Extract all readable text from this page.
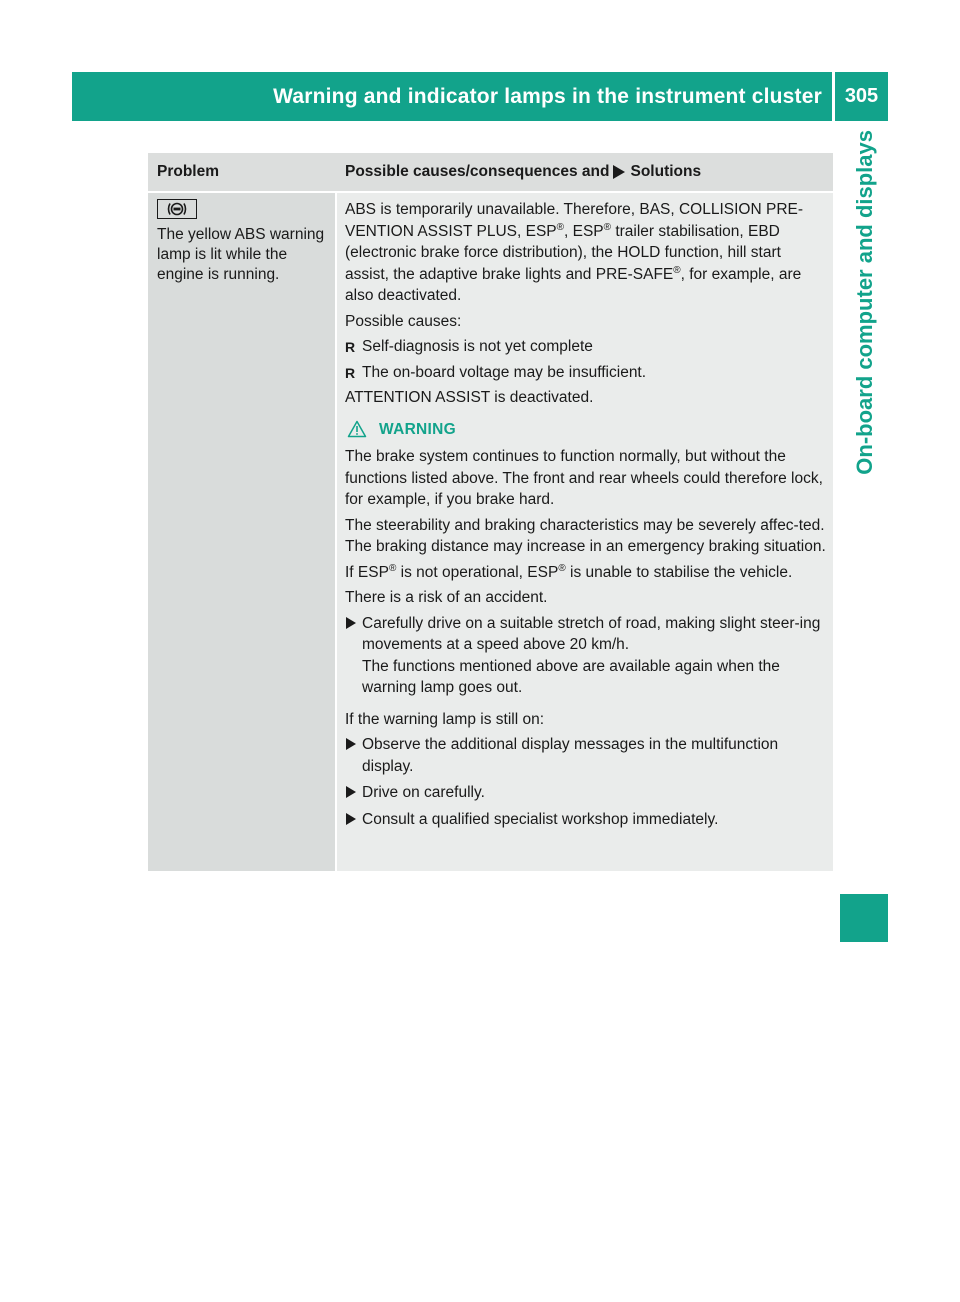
Warning and indicator lamps in the instrument cluster	305
On-board computer and displays
Problem	Possible causes/consequences and Solutions
The yellow ABS warning lamp is lit while the engine is running.

ABS is temporarily unavailable. Therefore, BAS, COLLISION PRE-VENTION ASSIST PLUS, ESP®, ESP® trailer stabilisation, EBD (electronic brake force distribution), the HOLD function, hill start assist, the adaptive brake lights and PRE-SAFE®, for example, are also deactivated.

Possible causes:

R Self-diagnosis is not yet complete
R The on-board voltage may be insufficient.

ATTENTION ASSIST is deactivated.

WARNING

The brake system continues to function normally, but without the functions listed above. The front and rear wheels could therefore lock, for example, if you brake hard.

The steerability and braking characteristics may be severely affec-ted. The braking distance may increase in an emergency braking situation.

If ESP® is not operational, ESP® is unable to stabilise the vehicle.

There is a risk of an accident.

Carefully drive on a suitable stretch of road, making slight steer-ing movements at a speed above 20 km/h.
The functions mentioned above are available again when the warning lamp goes out.

If the warning lamp is still on:

Observe the additional display messages in the multifunction display.
Drive on carefully.
Consult a qualified specialist workshop immediately.
